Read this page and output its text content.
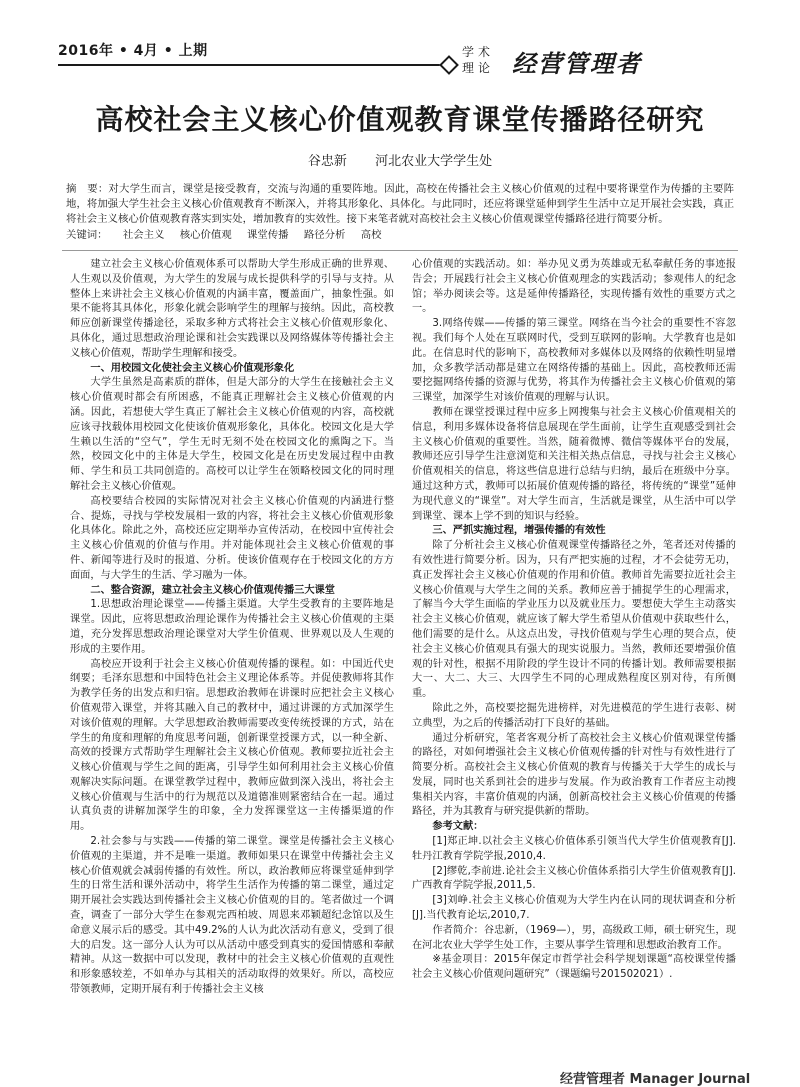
2016年 • 4月 • 上期	学术理论 经营管理者
高校社会主义核心价值观教育课堂传播路径研究
谷忠新 河北农业大学学生处
摘　要：对大学生而言，课堂是接受教育，交流与沟通的重要阵地。因此，高校在传播社会主义核心价值观的过程中要将课堂作为传播的主要阵地，将加强大学生社会主义核心价值观教育不断深入，并将其形象化、具体化。与此同时，还应将课堂延伸到学生生活中立足开展社会实践，真正将社会主义核心价值观教育落实到实处，增加教育的实效性。接下来笔者就对高校社会主义核心价值观课堂传播路径进行简要分析。
关键词： 社会主义 核心价值观 课堂传播 路径分析 高校

建立社会主义核心价值观体系可以帮助大学生形成正确的世界观、人生观以及价值观，为大学生的发展与成长提供科学的引导与支持。从整体上来讲社会主义核心价值观的内涵丰富，覆盖面广，抽象性强。如果不能将其具体化，形象化就会影响学生的理解与接纳。因此，高校教师应创新课堂传播途径，采取多种方式将社会主义核心价值观形象化、具体化，通过思想政治理论课和社会实践课以及网络媒体等传播社会主义核心价值观，帮助学生理解和接受。

一、用校园文化使社会主义核心价值观形象化

大学生虽然是高素质的群体，但是大部分的大学生在接触社会主义核心价值观时都会有所困惑，不能真正理解社会主义核心价值观的内涵。因此，若想使大学生真正了解社会主义核心价值观的内容，高校就应该寻找载体用校园文化使该价值观形象化，具体化。校园文化是大学生赖以生活的“空气”，学生无时无刻不处在校园文化的熏陶之下。当然，校园文化中的主体是大学生，校园文化是在历史发展过程中由教师、学生和员工共同创造的。高校可以让学生在领略校园文化的同时理解社会主义核心价值观。

高校要结合校园的实际情况对社会主义核心价值观的内涵进行整合、提炼，寻找与学校发展相一致的内容，将社会主义核心价值观形象化具体化。除此之外，高校还应定期举办宣传活动，在校园中宣传社会主义核心价值观的价值与作用。并对能体现社会主义核心价值观的事件、新闻等进行及时的报道、分析。使该价值观存在于校园文化的方方面面，与大学生的生活、学习融为一体。

二、整合资源，建立社会主义核心价值观传播三大课堂

1.思想政治理论课堂——传播主渠道。大学生受教育的主要阵地是课堂。因此，应将思想政治理论课作为传播社会主义核心价值观的主渠道，充分发挥思想政治理论课堂对大学生价值观、世界观以及人生观的形成的主要作用。

高校应开设利于社会主义核心价值观传播的课程。如：中国近代史纲要；毛泽东思想和中国特色社会主义理论体系等。并促使教师将其作为教学任务的出发点和归宿。思想政治教师在讲课时应把社会主义核心价值观带入课堂，并将其融入自己的教材中，通过讲课的方式加深学生对该价值观的理解。大学思想政治教师需要改变传统授课的方式，站在学生的角度和理解的角度思考问题，创新课堂授课方式，以一种全新、高效的授课方式帮助学生理解社会主义核心价值观。教师要拉近社会主义核心价值观与学生之间的距离，引导学生如何利用社会主义核心价值观解决实际问题。在课堂教学过程中，教师应做到深入浅出，将社会主义核心价值观与生活中的行为规范以及道德准则紧密结合在一起。通过认真负责的讲解加深学生的印象，全力发挥课堂这一主传播渠道的作用。

2.社会参与与实践——传播的第二课堂。课堂是传播社会主义核心价值观的主渠道，并不是唯一渠道。教师如果只在课堂中传播社会主义核心价值观就会减弱传播的有效性。所以，政治教师应将课堂延伸到学生的日常生活和课外活动中，将学生生活作为传播的第二课堂，通过定期开展社会实践达到传播社会主义核心价值观的目的。笔者做过一个调查，调查了一部分大学生在参观完西柏坡、周恩来邓颖超纪念馆以及生命意义展示后的感受。其中49.2%的人认为此次活动有意义，受到了很大的启发。这一部分人认为可以从活动中感受到真实的爱国情感和奉献精神。从这一数据中可以发现，教材中的社会主义核心价值观的直观性和形象感较差，不如单办与其相关的活动取得的效果好。所以，高校应带领教师，定期开展有利于传播社会主义核

心价值观的实践活动。如：举办见义勇为英雄或无私奉献任务的事迹报告会；开展践行社会主义核心价值观理念的实践活动；参观伟人的纪念馆；举办阅读会等。这是延伸传播路径，实现传播有效性的重要方式之一。

3.网络传媒——传播的第三课堂。网络在当今社会的重要性不容忽视。我们每个人处在互联网时代，受到互联网的影响。大学教育也是如此。在信息时代的影响下，高校教师对多媒体以及网络的依赖性明显增加，众多教学活动都是建立在网络传播的基础上。因此，高校教师还需要挖掘网络传播的资源与优势，将其作为传播社会主义核心价值观的第三课堂，加深学生对该价值观的理解与认识。

教师在课堂授课过程中应多上网搜集与社会主义核心价值观相关的信息，利用多媒体设备将信息展现在学生面前，让学生直观感受到社会主义核心价值观的重要性。当然，随着微博、微信等媒体平台的发展，教师还应引导学生注意浏览和关注相关热点信息，寻找与社会主义核心价值观相关的信息，将这些信息进行总结与归纳，最后在班级中分享。通过这种方式，教师可以拓展价值观传播的路径，将传统的“课堂”延伸为现代意义的“课堂”。对大学生而言，生活就是课堂，从生活中可以学到课堂、课本上学不到的知识与经验。

三、严抓实施过程，增强传播的有效性

除了分析社会主义核心价值观课堂传播路径之外，笔者还对传播的有效性进行简要分析。因为，只有严把实施的过程，才不会徒劳无功，真正发挥社会主义核心价值观的作用和价值。教师首先需要拉近社会主义核心价值观与大学生之间的关系。教师应善于捕捉学生的心理需求，了解当今大学生面临的学业压力以及就业压力。要想使大学生主动落实社会主义核心价值观，就应该了解大学生希望从价值观中获取些什么，他们需要的是什么。从这点出发，寻找价值观与学生心理的契合点，使社会主义核心价值观具有强大的现实说服力。当然，教师还要增强价值观的针对性，根据不用阶段的学生设计不同的传播计划。教师需要根据大一、大二、大三、大四学生不同的心理成熟程度区别对待，有所侧重。

除此之外，高校要挖掘先进榜样，对先进模范的学生进行表彰、树立典型，为之后的传播活动打下良好的基础。

通过分析研究，笔者客观分析了高校社会主义核心价值观课堂传播的路径，对如何增强社会主义核心价值观传播的针对性与有效性进行了简要分析。高校社会主义核心价值观的教育与传播关于大学生的成长与发展，同时也关系到社会的进步与发展。作为政治教育工作者应主动搜集相关内容，丰富价值观的内涵，创新高校社会主义核心价值观的传播路径，并为其教育与研究提供新的帮助。

参考文献：

[1]郑正坤.以社会主义核心价值体系引领当代大学生价值观教育[J].牡丹江教育学院学报,2010,4.

[2]缪乾,李前进.论社会主义核心价值体系指引大学生价值观教育[J].广西教育学院学报,2011,5.

[3]刘峥.社会主义核心价值观为大学生内在认同的现状调查和分析[J].当代教育论坛,2010,7.

作者简介：谷忠新，（1969—），男，高级政工师，硕士研究生，现在河北农业大学学生处工作，主要从事学生管理和思想政治教育工作。

※基金项目：2015年保定市哲学社会科学规划课题“高校课堂传播社会主义核心价值观问题研究”（课题编号201502021）.

经营管理者 Manager Journal
